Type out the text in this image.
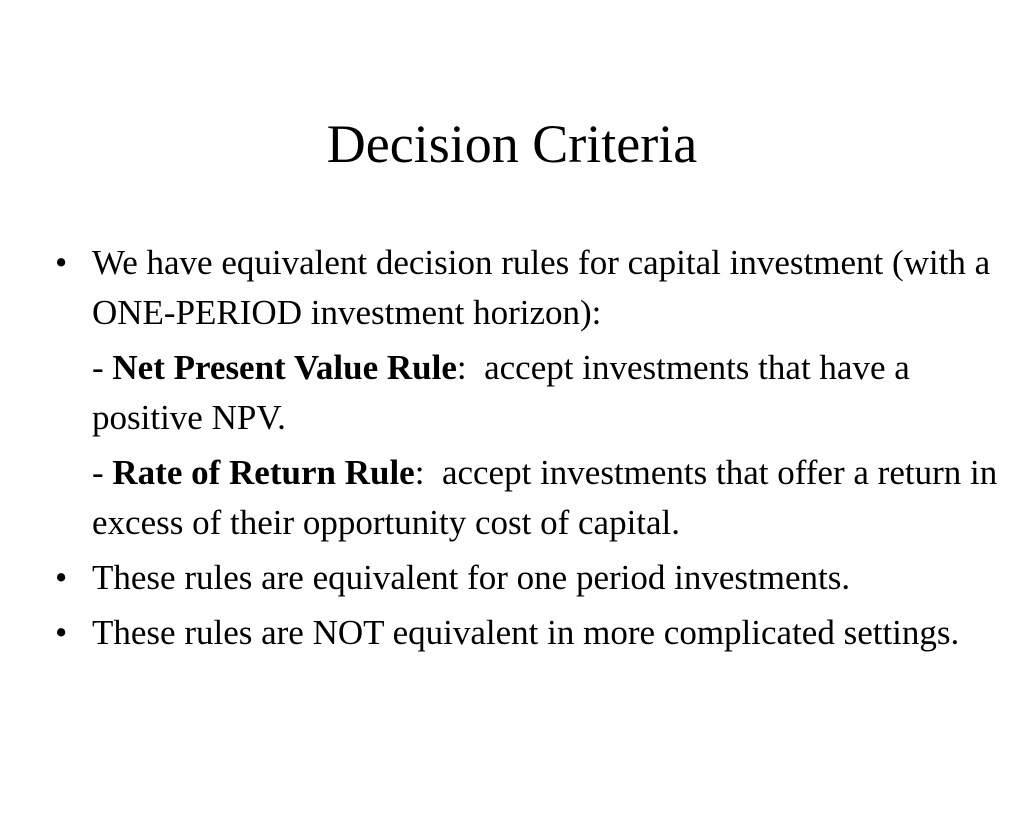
Decision Criteria
• We have equivalent decision rules for capital investment (with a ONE-PERIOD investment horizon):
- Net Present Value Rule:  accept investments that have a positive NPV.
- Rate of Return Rule:  accept investments that offer a return in excess of their opportunity cost of capital.
• These rules are equivalent for one period investments.
• These rules are NOT equivalent in more complicated settings.
